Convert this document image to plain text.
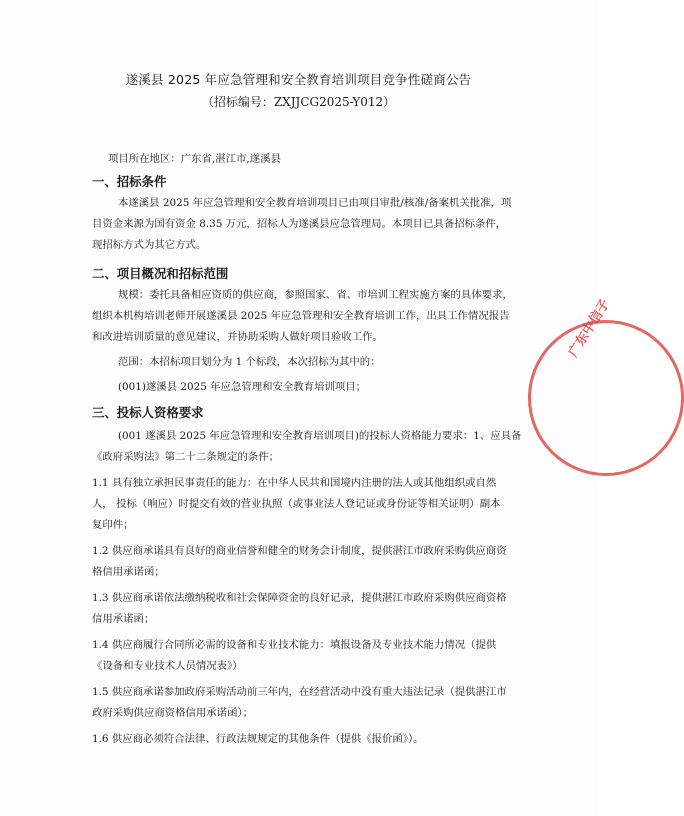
遂溪县 2025 年应急管理和安全教育培训项目竞争性磋商公告
（招标编号：ZXJJCG2025-Y012）
项目所在地区：广东省,湛江市,遂溪县
一、招标条件
本遂溪县 2025 年应急管理和安全教育培训项目已由项目审批/核准/备案机关批准，项
目资金来源为国有资金 8.35 万元，招标人为遂溪县应急管理局。本项目已具备招标条件，
现招标方式为其它方式。
二、项目概况和招标范围
规模：委托具备相应资质的供应商，参照国家、省、市培训工程实施方案的具体要求，
组织本机构培训老师开展遂溪县 2025 年应急管理和安全教育培训工作，出具工作情况报告
和改进培训质量的意见建议，并协助采购人做好项目验收工作。
范围：本招标项目划分为 1 个标段，本次招标为其中的：
(001)遂溪县 2025 年应急管理和安全教育培训项目；
三、投标人资格要求
(001 遂溪县 2025 年应急管理和安全教育培训项目)的投标人资格能力要求：1、应具备
《政府采购法》第二十二条规定的条件；
1.1 具有独立承担民事责任的能力：在中华人民共和国境内注册的法人或其他组织或自然
人， 投标（响应）时提交有效的营业执照（或事业法人登记证或身份证等相关证明）副本
复印件；
1.2 供应商承诺具有良好的商业信誉和健全的财务会计制度，提供湛江市政府采购供应商资
格信用承诺函；
1.3 供应商承诺依法缴纳税收和社会保障资金的良好记录，提供湛江市政府采购供应商资格
信用承诺函；
1.4 供应商履行合同所必需的设备和专业技术能力：填报设备及专业技术能力情况（提供
《设备和专业技术人员情况表》）
1.5 供应商承诺参加政府采购活动前三年内，在经营活动中没有重大违法记录（提供湛江市
政府采购供应商资格信用承诺函）；
1.6 供应商必须符合法律、行政法规规定的其他条件（提供《报价函》）。
广东中信子
